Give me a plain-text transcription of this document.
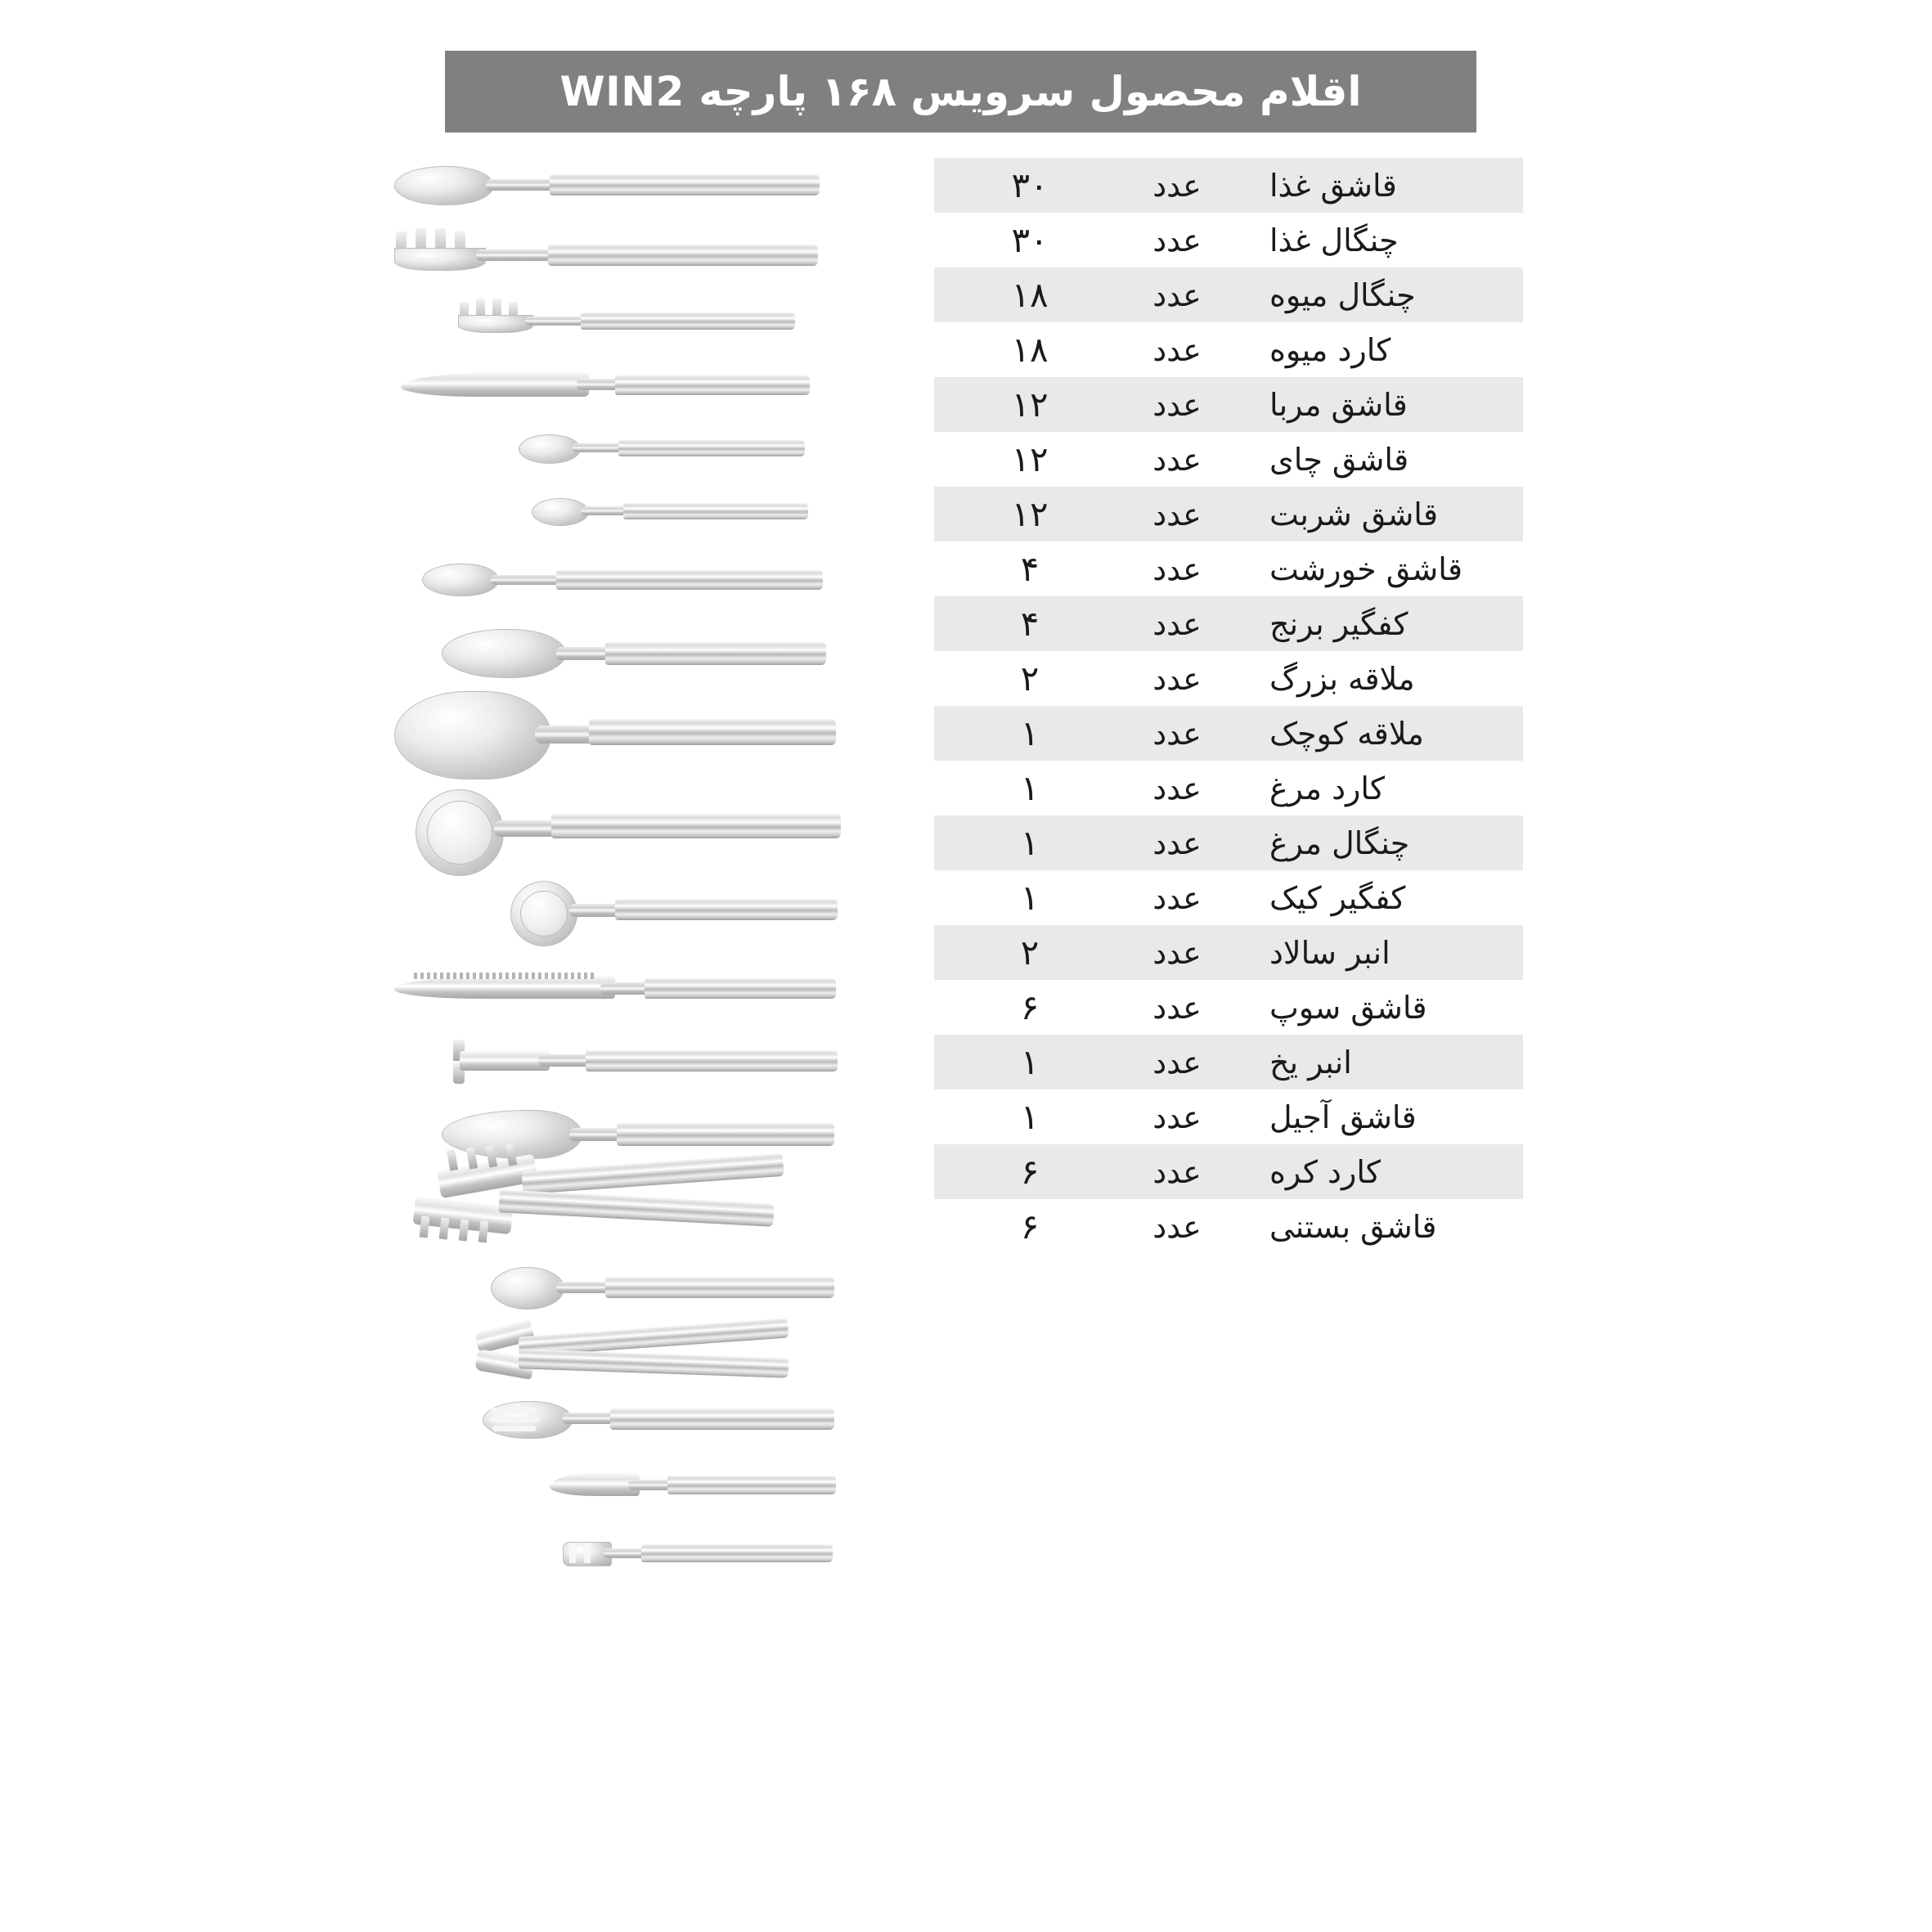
اقلام محصول سرویس ۱۶۸ پارچه WIN2
قاشق غذا
عدد
۳۰
چنگال غذا
عدد
۳۰
چنگال میوه
عدد
۱۸
کارد میوه
عدد
۱۸
قاشق مربا
عدد
۱۲
قاشق چای
عدد
۱۲
قاشق شربت
عدد
۱۲
قاشق خورشت
عدد
۴
کفگیر برنج
عدد
۴
ملاقه بزرگ
عدد
۲
ملاقه کوچک
عدد
۱
کارد مرغ
عدد
۱
چنگال مرغ
عدد
۱
کفگیر کیک
عدد
۱
انبر سالاد
عدد
۲
قاشق سوپ
عدد
۶
انبر یخ
عدد
۱
قاشق آجیل
عدد
۱
کارد کره
عدد
۶
قاشق بستنی
عدد
۶
